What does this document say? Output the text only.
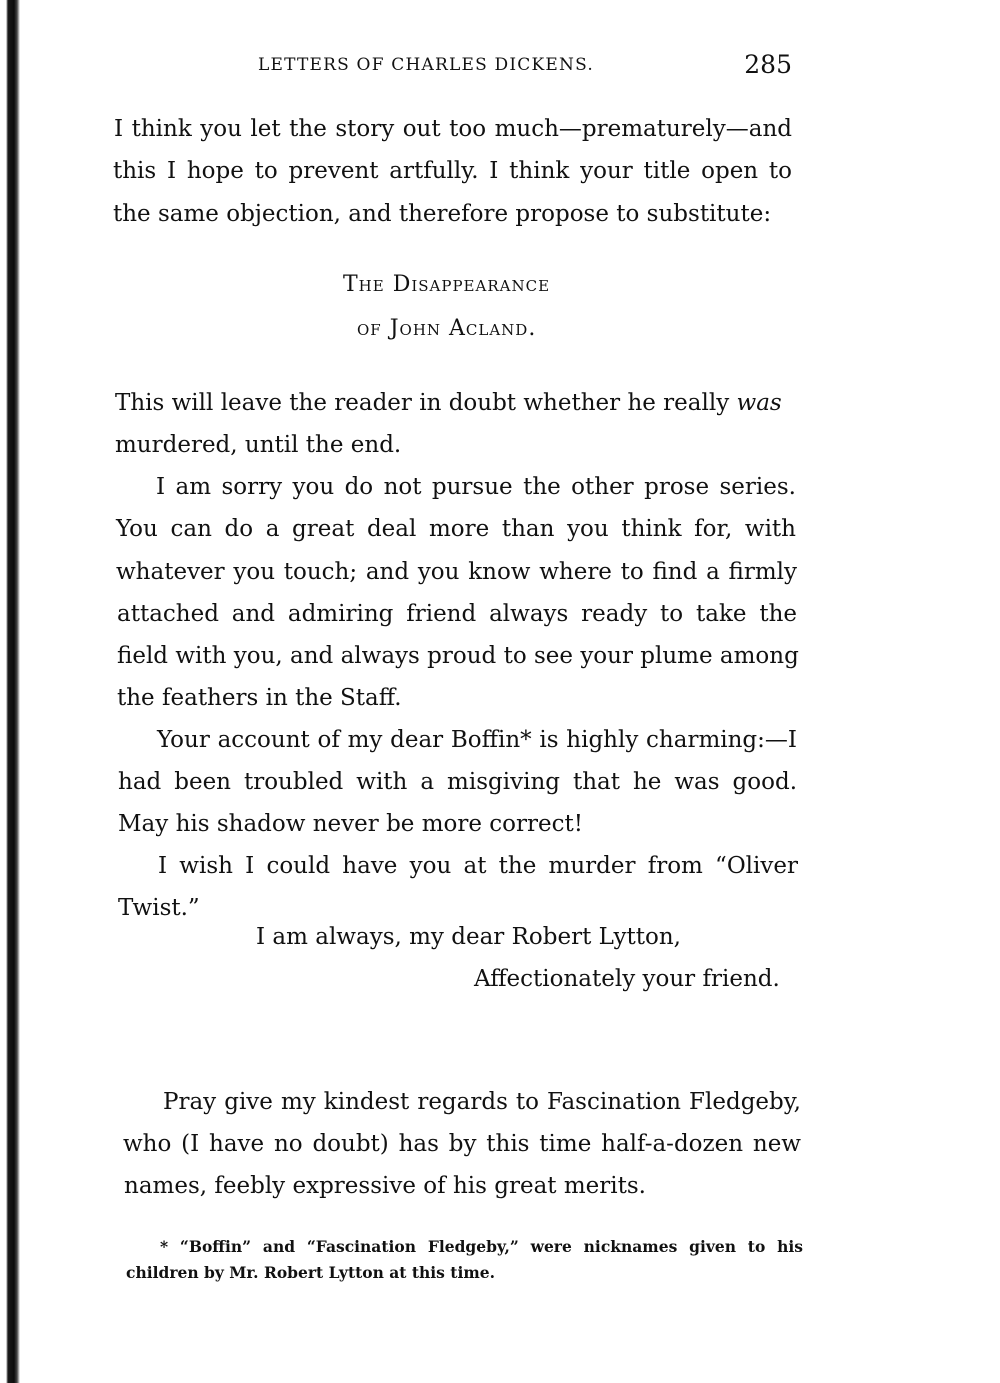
LETTERS OF CHARLES DICKENS.	285
I think you let the story out too much—prematurely—and
this I hope to prevent artfully. I think your title open to
the same objection, and therefore propose to substitute:
The Disappearance
of John Acland.
This will leave the reader in doubt whether he really was
murdered, until the end.
I am sorry you do not pursue the other prose series.
You can do a great deal more than you think for, with
whatever you touch; and you know where to find a firmly
attached and admiring friend always ready to take the
field with you, and always proud to see your plume among
the feathers in the Staff.
Your account of my dear Boffin* is highly charming:—I
had been troubled with a misgiving that he was good.
May his shadow never be more correct!
I wish I could have you at the murder from “Oliver
Twist.”
I am always, my dear Robert Lytton,
Affectionately your friend.
Pray give my kindest regards to Fascination Fledgeby,
who (I have no doubt) has by this time half-a-dozen new
names, feebly expressive of his great merits.
* “Boffin” and “Fascination Fledgeby,” were nicknames given to his
children by Mr. Robert Lytton at this time.
